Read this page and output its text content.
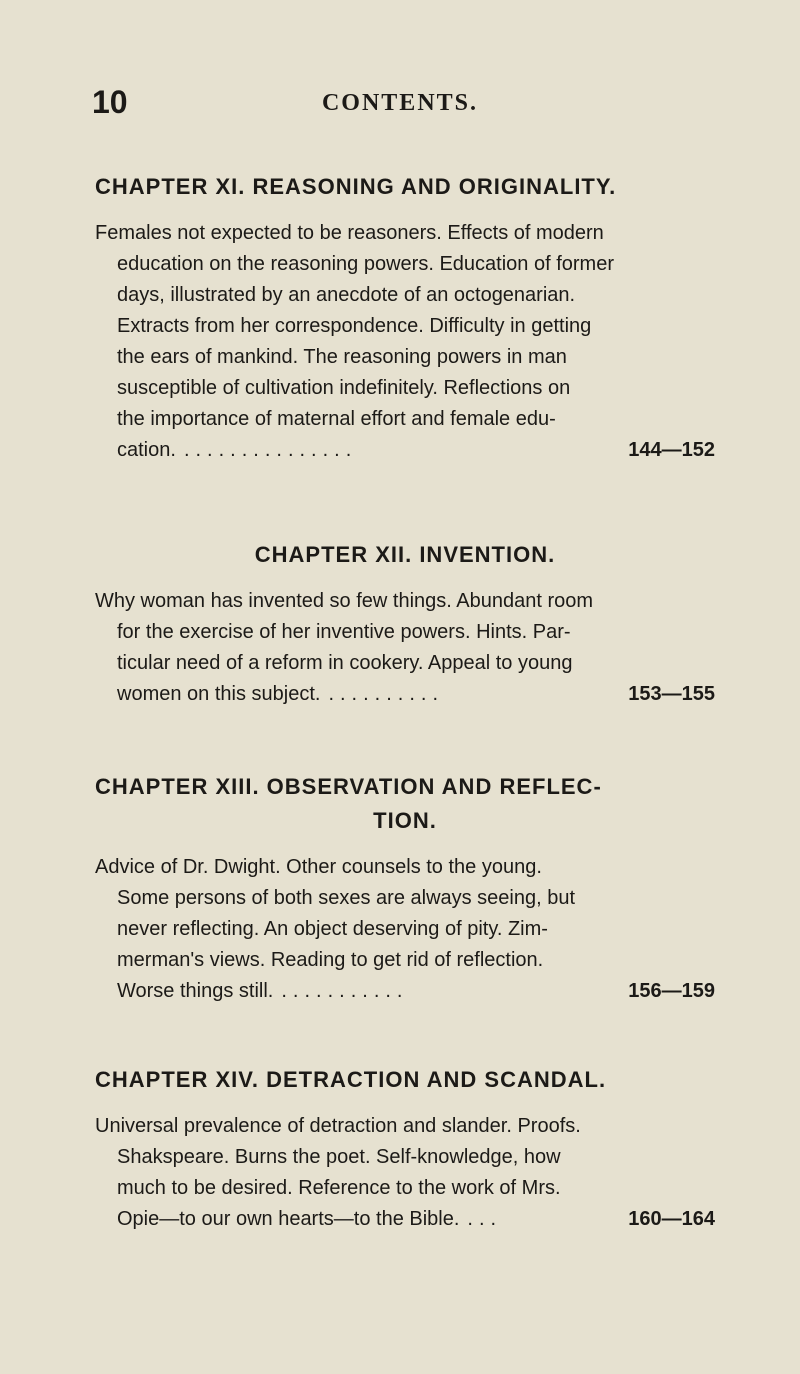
10	CONTENTS.
CHAPTER XI. REASONING AND ORIGINALITY.
Females not expected to be reasoners. Effects of modern
education on the reasoning powers. Education of former
days, illustrated by an anecdote of an octogenarian.
Extracts from her correspondence. Difficulty in getting
the ears of mankind. The reasoning powers in man
susceptible of cultivation indefinitely. Reflections on
the importance of maternal effort and female edu-
cation. ...............	144—152
CHAPTER XII. INVENTION.
Why woman has invented so few things. Abundant room
for the exercise of her inventive powers. Hints. Par-
ticular need of a reform in cookery. Appeal to young
women on this subject. ..........	153—155
CHAPTER XIII. OBSERVATION AND REFLEC-
TION.
Advice of Dr. Dwight. Other counsels to the young.
Some persons of both sexes are always seeing, but
never reflecting. An object deserving of pity. Zim-
merman's views. Reading to get rid of reflection.
Worse things still. ...........	156—159
CHAPTER XIV. DETRACTION AND SCANDAL.
Universal prevalence of detraction and slander. Proofs.
Shakspeare. Burns the poet. Self-knowledge, how
much to be desired. Reference to the work of Mrs.
Opie—to our own hearts—to the Bible. ...	160—164
